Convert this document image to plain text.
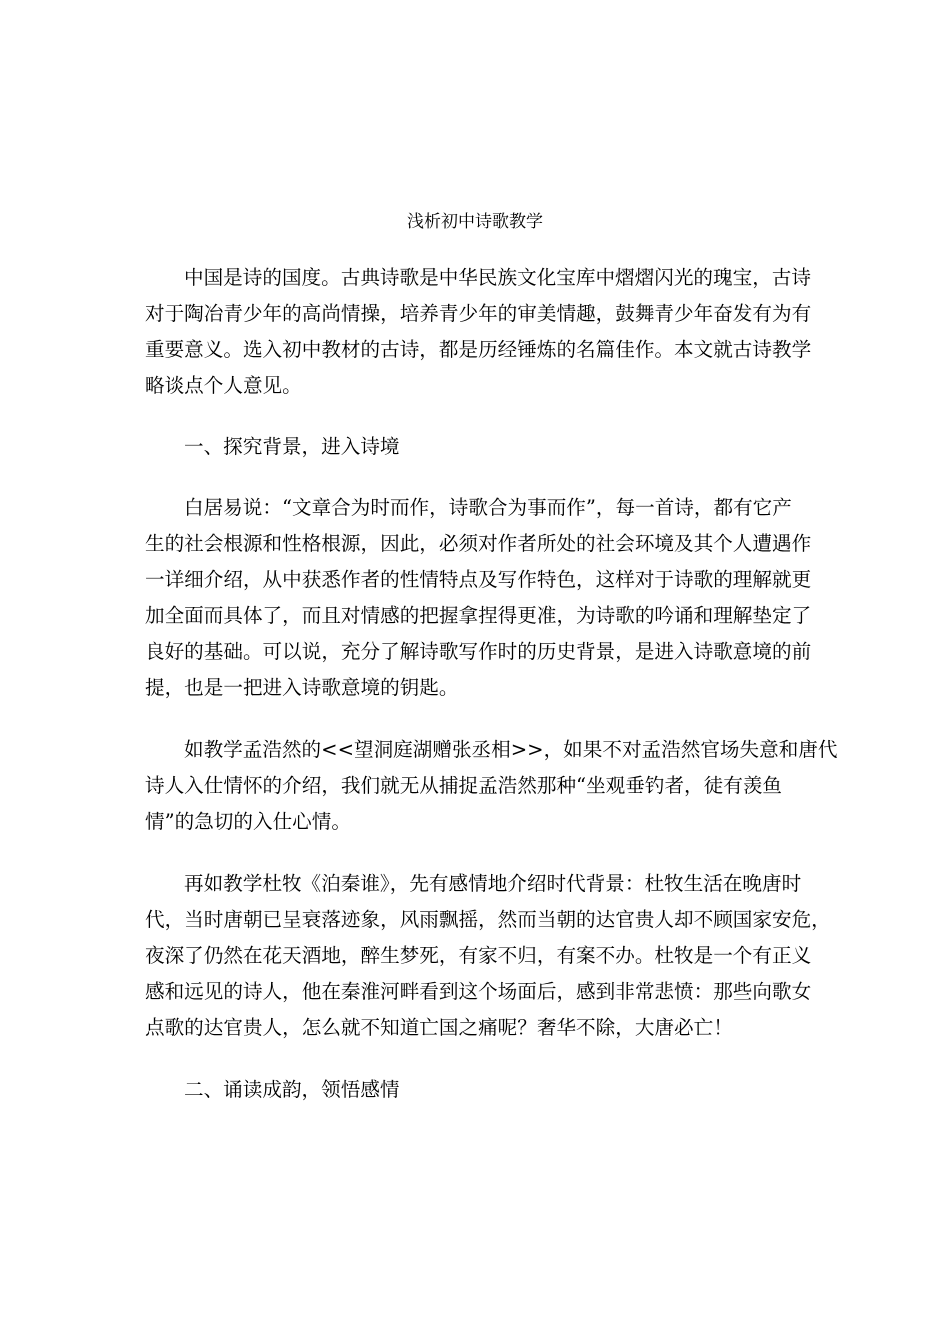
浅析初中诗歌教学

中国是诗的国度。古典诗歌是中华民族文化宝库中熠熠闪光的瑰宝，古诗

对于陶冶青少年的高尚情操，培养青少年的审美情趣，鼓舞青少年奋发有为有

重要意义。选入初中教材的古诗，都是历经锤炼的名篇佳作。本文就古诗教学

略谈点个人意见。

一、探究背景，进入诗境

白居易说：“文章合为时而作，诗歌合为事而作”，每一首诗，都有它产

生的社会根源和性格根源，因此，必须对作者所处的社会环境及其个人遭遇作

一详细介绍，从中获悉作者的性情特点及写作特色，这样对于诗歌的理解就更

加全面而具体了，而且对情感的把握拿捏得更准，为诗歌的吟诵和理解垫定了

良好的基础。可以说，充分了解诗歌写作时的历史背景，是进入诗歌意境的前

提，也是一把进入诗歌意境的钥匙。

如教学孟浩然的<<望洞庭湖赠张丞相>>，如果不对孟浩然官场失意和唐代

诗人入仕情怀的介绍，我们就无从捕捉孟浩然那种“坐观垂钓者，徒有羡鱼

情”的急切的入仕心情。

再如教学杜牧《泊秦谁》，先有感情地介绍时代背景：杜牧生活在晚唐时

代，当时唐朝已呈衰落迹象，风雨飘摇，然而当朝的达官贵人却不顾国家安危，

夜深了仍然在花天酒地，醉生梦死，有家不归，有案不办。杜牧是一个有正义

感和远见的诗人，他在秦淮河畔看到这个场面后，感到非常悲愤：那些向歌女

点歌的达官贵人，怎么就不知道亡国之痛呢？奢华不除，大唐必亡！

二、诵读成韵，领悟感情
